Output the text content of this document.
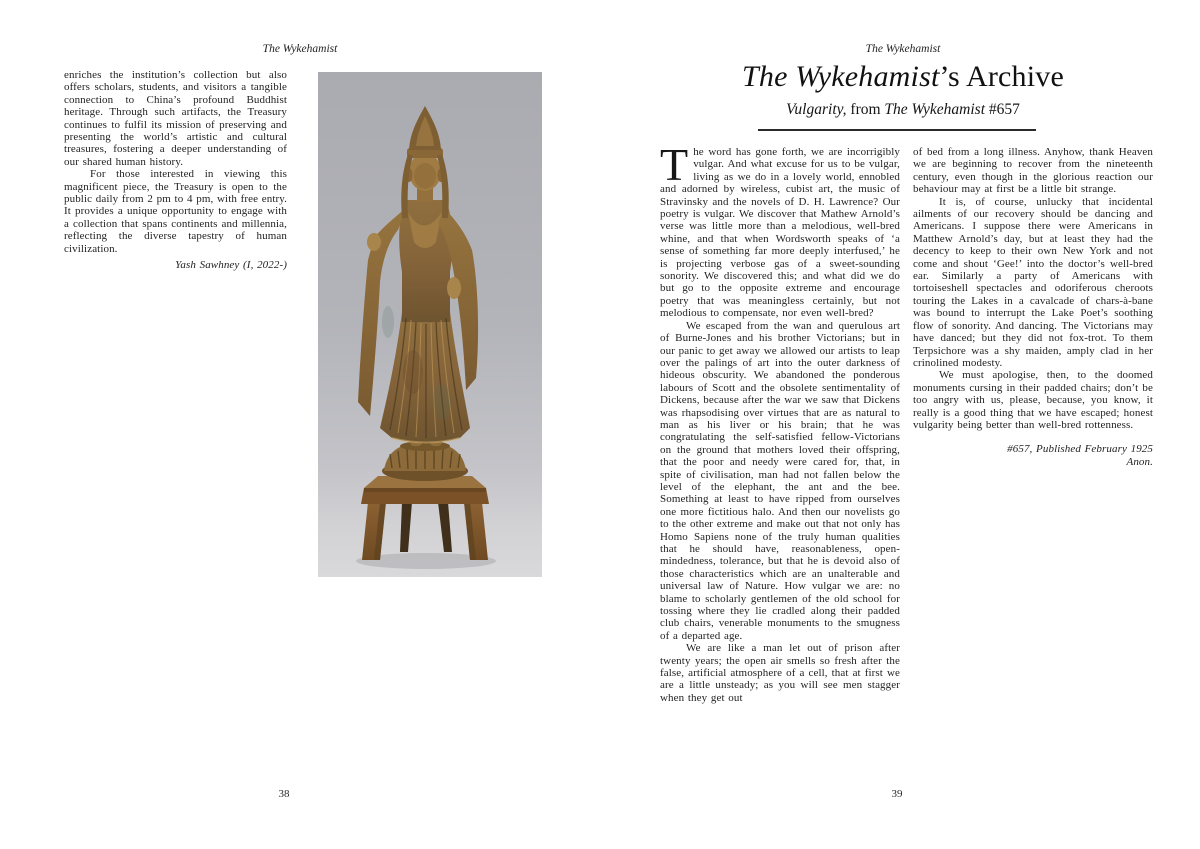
The Wykehamist

enriches the institution’s collection but also offers scholars, students, and visitors a tangible connection to China’s profound Buddhist heritage. Through such artifacts, the Treasury continues to fulfil its mission of preserving and presenting the world’s artistic and cultural treasures, fostering a deeper understanding of our shared human history.

For those interested in viewing this magnificent piece, the Treasury is open to the public daily from 2 pm to 4 pm, with free entry. It provides a unique opportunity to engage with a collection that spans continents and millennia, reflecting the diverse tapestry of human civilization.

Yash Sawhney (I, 2022-)
38
The Wykehamist
The Wykehamist’s Archive
Vulgarity, from The Wykehamist #657

The word has gone forth, we are incorrigibly vulgar. And what excuse for us to be vulgar, living as we do in a lovely world, ennobled and adorned by wireless, cubist art, the music of Stravinsky and the novels of D. H. Lawrence? Our poetry is vulgar. We discover that Mathew Arnold’s verse was little more than a melodious, well-bred whine, and that when Wordsworth speaks of ‘a sense of something far more deeply interfused,’ he is projecting verbose gas of a sweet-sounding sonority. We discovered this; and what did we do but go to the opposite extreme and encourage poetry that was meaningless certainly, but not melodious to compensate, nor even well-bred?

We escaped from the wan and querulous art of Burne-Jones and his brother Victorians; but in our panic to get away we allowed our artists to leap over the palings of art into the outer darkness of hideous obscurity. We abandoned the ponderous labours of Scott and the obsolete sentimentality of Dickens, because after the war we saw that Dickens was rhapsodising over virtues that are as natural to man as his liver or his brain; that he was congratulating the self-satisfied fellow-Victorians on the ground that mothers loved their offspring, that the poor and needy were cared for, that, in spite of civilisation, man had not fallen below the level of the elephant, the ant and the bee. Something at least to have ripped from ourselves one more fictitious halo. And then our novelists go to the other extreme and make out that not only has Homo Sapiens none of the truly human qualities that he should have, reasonableness, open-mindedness, tolerance, but that he is devoid also of those characteristics which are an unalterable and universal law of Nature. How vulgar we are: no blame to scholarly gentlemen of the old school for tossing where they lie cradled along their padded club chairs, venerable monuments to the smugness of a departed age.

We are like a man let out of prison after twenty years; the open air smells so fresh after the false, artificial atmosphere of a cell, that at first we are a little unsteady; as you will see men stagger when they get out

of bed from a long illness. Anyhow, thank Heaven we are beginning to recover from the nineteenth century, even though in the glorious reaction our behaviour may at first be a little bit strange.

It is, of course, unlucky that incidental ailments of our recovery should be dancing and Americans. I suppose there were Americans in Matthew Arnold’s day, but at least they had the decency to keep to their own New York and not come and shout ‘Gee!’ into the doctor’s well-bred ear. Similarly a party of Americans with tortoiseshell spectacles and odoriferous cheroots touring the Lakes in a cavalcade of chars-à-bane was bound to interrupt the Lake Poet’s soothing flow of sonority. And dancing. The Victorians may have danced; but they did not fox-trot. To them Terpsichore was a shy maiden, amply clad in her crinolined modesty.

We must apologise, then, to the doomed monuments cursing in their padded chairs; don’t be too angry with us, please, because, you know, it really is a good thing that we have escaped; honest vulgarity being better than well-bred rottenness.

#657, Published February 1925
Anon.
39
